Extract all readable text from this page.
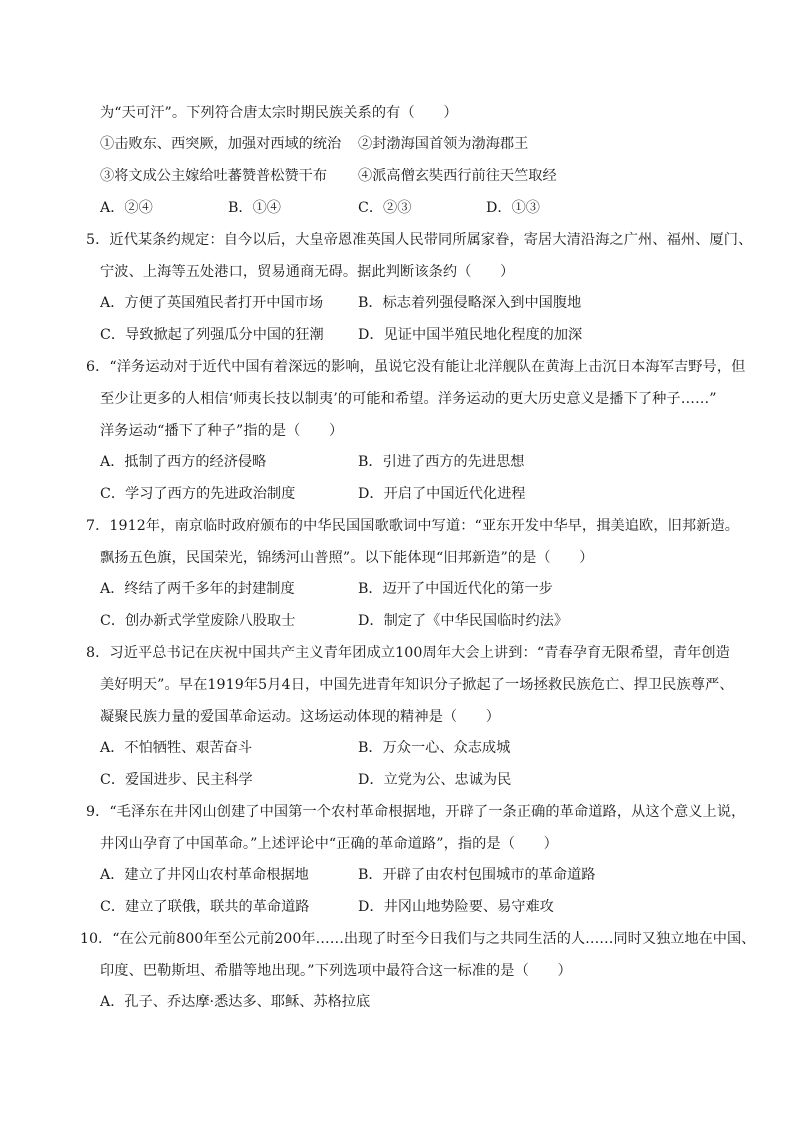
为“天可汗”。下列符合唐太宗时期民族关系的有（　　）
①击败东、西突厥，加强对西域的统治 ②封渤海国首领为渤海郡王
③将文成公主嫁给吐蕃赞普松赞干布 ④派高僧玄奘西行前往天竺取经
A．②④	B．①④	C．②③	D．①③
5．近代某条约规定：自今以后，大皇帝恩准英国人民带同所属家眷，寄居大清沿海之广州、福州、厦门、
宁波、上海等五处港口，贸易通商无碍。据此判断该条约（　　）
A．方便了英国殖民者打开中国市场 B．标志着列强侵略深入到中国腹地
C．导致掀起了列强瓜分中国的狂潮 D．见证中国半殖民地化程度的加深
6．“洋务运动对于近代中国有着深远的影响，虽说它没有能让北洋舰队在黄海上击沉日本海军吉野号，但
至少让更多的人相信‘师夷长技以制夷’的可能和希望。洋务运动的更大历史意义是播下了种子……”
洋务运动“播下了种子”指的是（　　）
A．抵制了西方的经济侵略	B．引进了西方的先进思想
C．学习了西方的先进政治制度	D．开启了中国近代化进程
7．1912年，南京临时政府颁布的中华民国国歌歌词中写道：“亚东开发中华早，揖美追欧，旧邦新造。
飘扬五色旗，民国荣光，锦绣河山普照”。以下能体现“旧邦新造”的是（　　）
A．终结了两千多年的封建制度	B．迈开了中国近代化的第一步
C．创办新式学堂废除八股取士	D．制定了《中华民国临时约法》
8．习近平总书记在庆祝中国共产主义青年团成立100周年大会上讲到：“青春孕育无限希望，青年创造
美好明天”。早在1919年5月4日，中国先进青年知识分子掀起了一场拯救民族危亡、捍卫民族尊严、
凝聚民族力量的爱国革命运动。这场运动体现的精神是（　　）
A．不怕牺牲、艰苦奋斗	B．万众一心、众志成城
C．爱国进步、民主科学	D．立党为公、忠诚为民
9．“毛泽东在井冈山创建了中国第一个农村革命根据地，开辟了一条正确的革命道路，从这个意义上说，
井冈山孕育了中国革命。”上述评论中“正确的革命道路”，指的是（　　）
A．建立了井冈山农村革命根据地	B．开辟了由农村包围城市的革命道路
C．建立了联俄，联共的革命道路	D．井冈山地势险要、易守难攻
10．“在公元前800年至公元前200年……出现了时至今日我们与之共同生活的人……同时又独立地在中国、
印度、巴勒斯坦、希腊等地出现。”下列选项中最符合这一标准的是（　　）
A．孔子、乔达摩·悉达多、耶稣、苏格拉底
